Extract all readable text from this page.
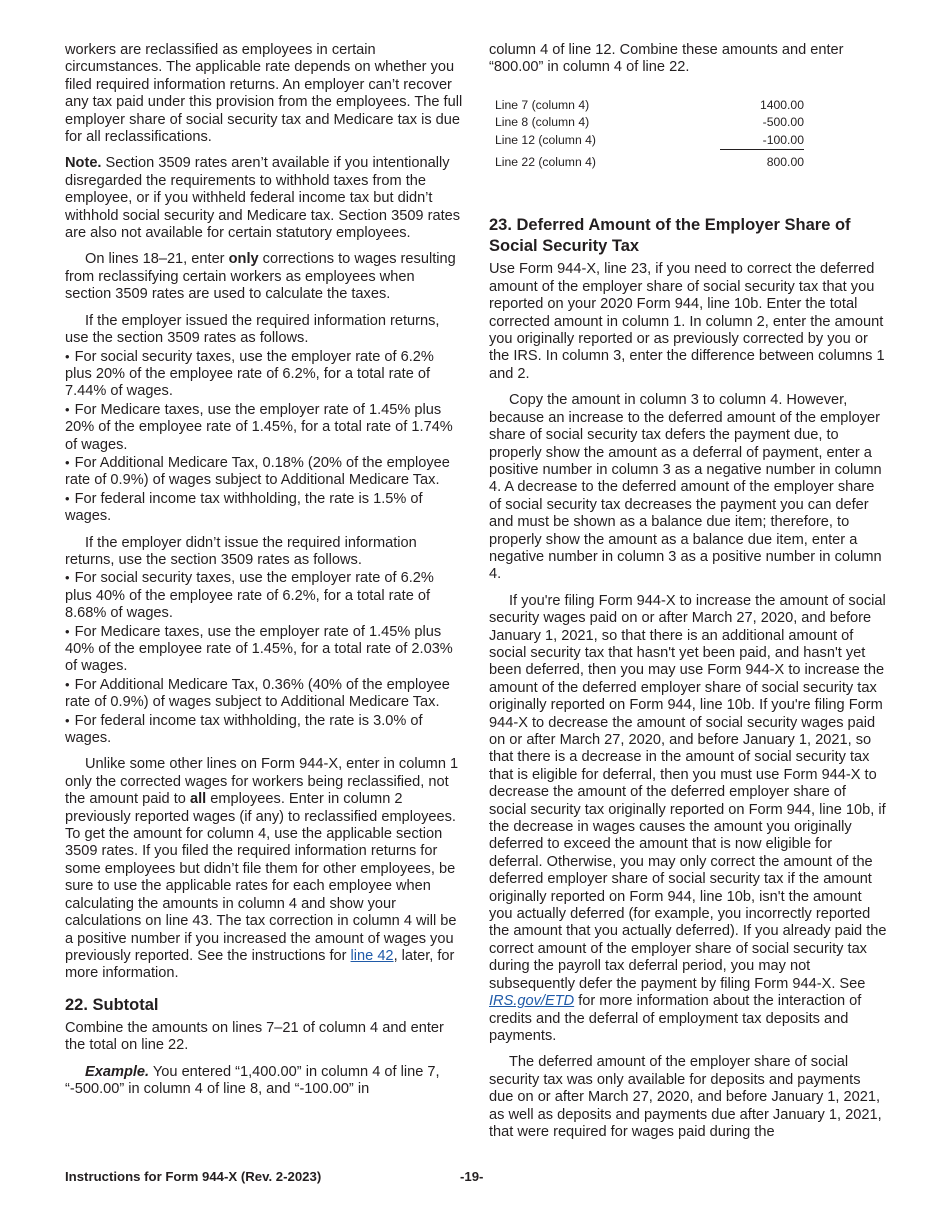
workers are reclassified as employees in certain circumstances. The applicable rate depends on whether you filed required information returns. An employer can’t recover any tax paid under this provision from the employees. The full employer share of social security tax and Medicare tax is due for all reclassifications.

Note. Section 3509 rates aren’t available if you intentionally disregarded the requirements to withhold taxes from the employee, or if you withheld federal income tax but didn’t withhold social security and Medicare tax. Section 3509 rates are also not available for certain statutory employees.

On lines 18–21, enter only corrections to wages resulting from reclassifying certain workers as employees when section 3509 rates are used to calculate the taxes.

If the employer issued the required information returns, use the section 3509 rates as follows.

• For social security taxes, use the employer rate of 6.2% plus 20% of the employee rate of 6.2%, for a total rate of 7.44% of wages.

• For Medicare taxes, use the employer rate of 1.45% plus 20% of the employee rate of 1.45%, for a total rate of 1.74% of wages.

• For Additional Medicare Tax, 0.18% (20% of the employee rate of 0.9%) of wages subject to Additional Medicare Tax.

• For federal income tax withholding, the rate is 1.5% of wages.

If the employer didn’t issue the required information returns, use the section 3509 rates as follows.

• For social security taxes, use the employer rate of 6.2% plus 40% of the employee rate of 6.2%, for a total rate of 8.68% of wages.

• For Medicare taxes, use the employer rate of 1.45% plus 40% of the employee rate of 1.45%, for a total rate of 2.03% of wages.

• For Additional Medicare Tax, 0.36% (40% of the employee rate of 0.9%) of wages subject to Additional Medicare Tax.

• For federal income tax withholding, the rate is 3.0% of wages.

Unlike some other lines on Form 944-X, enter in column 1 only the corrected wages for workers being reclassified, not the amount paid to all employees. Enter in column 2 previously reported wages (if any) to reclassified employees. To get the amount for column 4, use the applicable section 3509 rates. If you filed the required information returns for some employees but didn’t file them for other employees, be sure to use the applicable rates for each employee when calculating the amounts in column 4 and show your calculations on line 43. The tax correction in column 4 will be a positive number if you increased the amount of wages you previously reported. See the instructions for line 42, later, for more information.

22. Subtotal

Combine the amounts on lines 7–21 of column 4 and enter the total on line 22.

Example. You entered “1,400.00” in column 4 of line 7, “-500.00” in column 4 of line 8, and “-100.00” in

column 4 of line 12. Combine these amounts and enter “800.00” in column 4 of line 22.

Line 7 (column 4)	1400.00
Line 8 (column 4)	-500.00
Line 12 (column 4)	-100.00
Line 22 (column 4)	800.00
23. Deferred Amount of the Employer Share of Social Security Tax

Use Form 944-X, line 23, if you need to correct the deferred amount of the employer share of social security tax that you reported on your 2020 Form 944, line 10b. Enter the total corrected amount in column 1. In column 2, enter the amount you originally reported or as previously corrected by you or the IRS. In column 3, enter the difference between columns 1 and 2.

Copy the amount in column 3 to column 4. However, because an increase to the deferred amount of the employer share of social security tax defers the payment due, to properly show the amount as a deferral of payment, enter a positive number in column 3 as a negative number in column 4. A decrease to the deferred amount of the employer share of social security tax decreases the payment you can defer and must be shown as a balance due item; therefore, to properly show the amount as a balance due item, enter a negative number in column 3 as a positive number in column 4.

If you're filing Form 944-X to increase the amount of social security wages paid on or after March 27, 2020, and before January 1, 2021, so that there is an additional amount of social security tax that hasn't yet been paid, and hasn't yet been deferred, then you may use Form 944-X to increase the amount of the deferred employer share of social security tax originally reported on Form 944, line 10b. If you're filing Form 944-X to decrease the amount of social security wages paid on or after March 27, 2020, and before January 1, 2021, so that there is a decrease in the amount of social security tax that is eligible for deferral, then you must use Form 944-X to decrease the amount of the deferred employer share of social security tax originally reported on Form 944, line 10b, if the decrease in wages causes the amount you originally deferred to exceed the amount that is now eligible for deferral. Otherwise, you may only correct the amount of the deferred employer share of social security tax if the amount originally reported on Form 944, line 10b, isn't the amount you actually deferred (for example, you incorrectly reported the amount that you actually deferred). If you already paid the correct amount of the employer share of social security tax during the payroll tax deferral period, you may not subsequently defer the payment by filing Form 944-X. See IRS.gov/ETD for more information about the interaction of credits and the deferral of employment tax deposits and payments.

The deferred amount of the employer share of social security tax was only available for deposits and payments due on or after March 27, 2020, and before January 1, 2021, as well as deposits and payments due after January 1, 2021, that were required for wages paid during the

Instructions for Form 944-X (Rev. 2-2023)	-19-
